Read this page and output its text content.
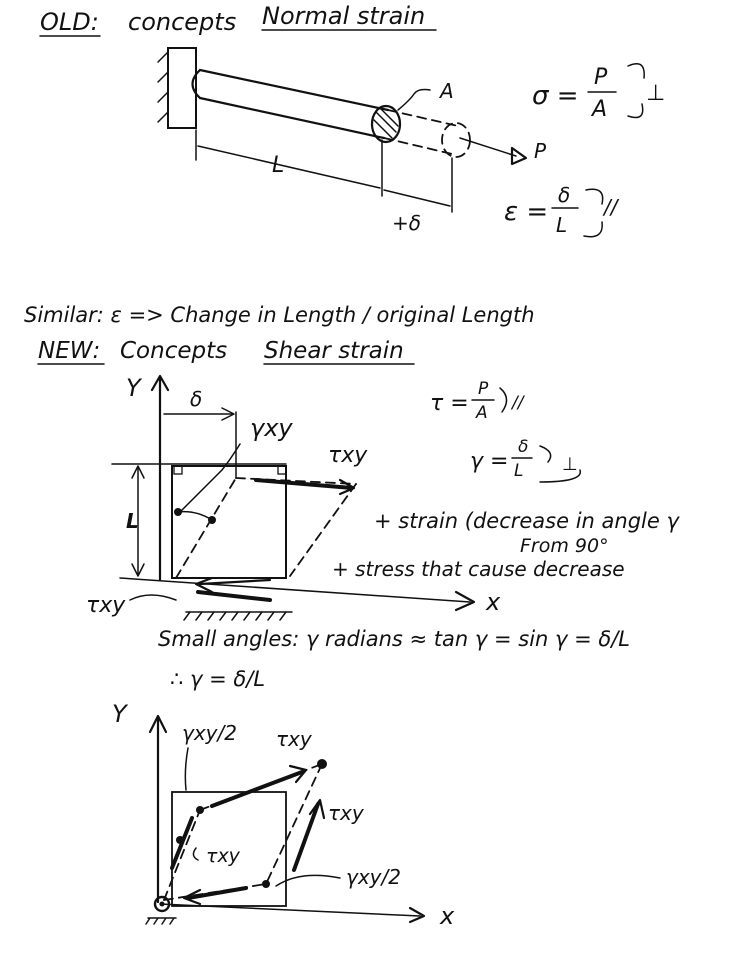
OLD: concepts Normal strain
P
A
L
+δ
σ =
P
A
⊥
ε =
δ
L
//
Similar: ε => Change in Length / original Length
NEW: Concepts Shear strain
Y
x
δ
γxy
L
τxy
τxy
τ =
P
A //
γ =
δ
L ⊥
+ strain (decrease in angle γ
From 90°
+ stress that cause decrease
Small angles: γ radians ≈ tan γ = sin γ = δ/L
∴ γ = δ/L
Y
x
γxy/2 τxy
τxy
τxy
γxy/2
